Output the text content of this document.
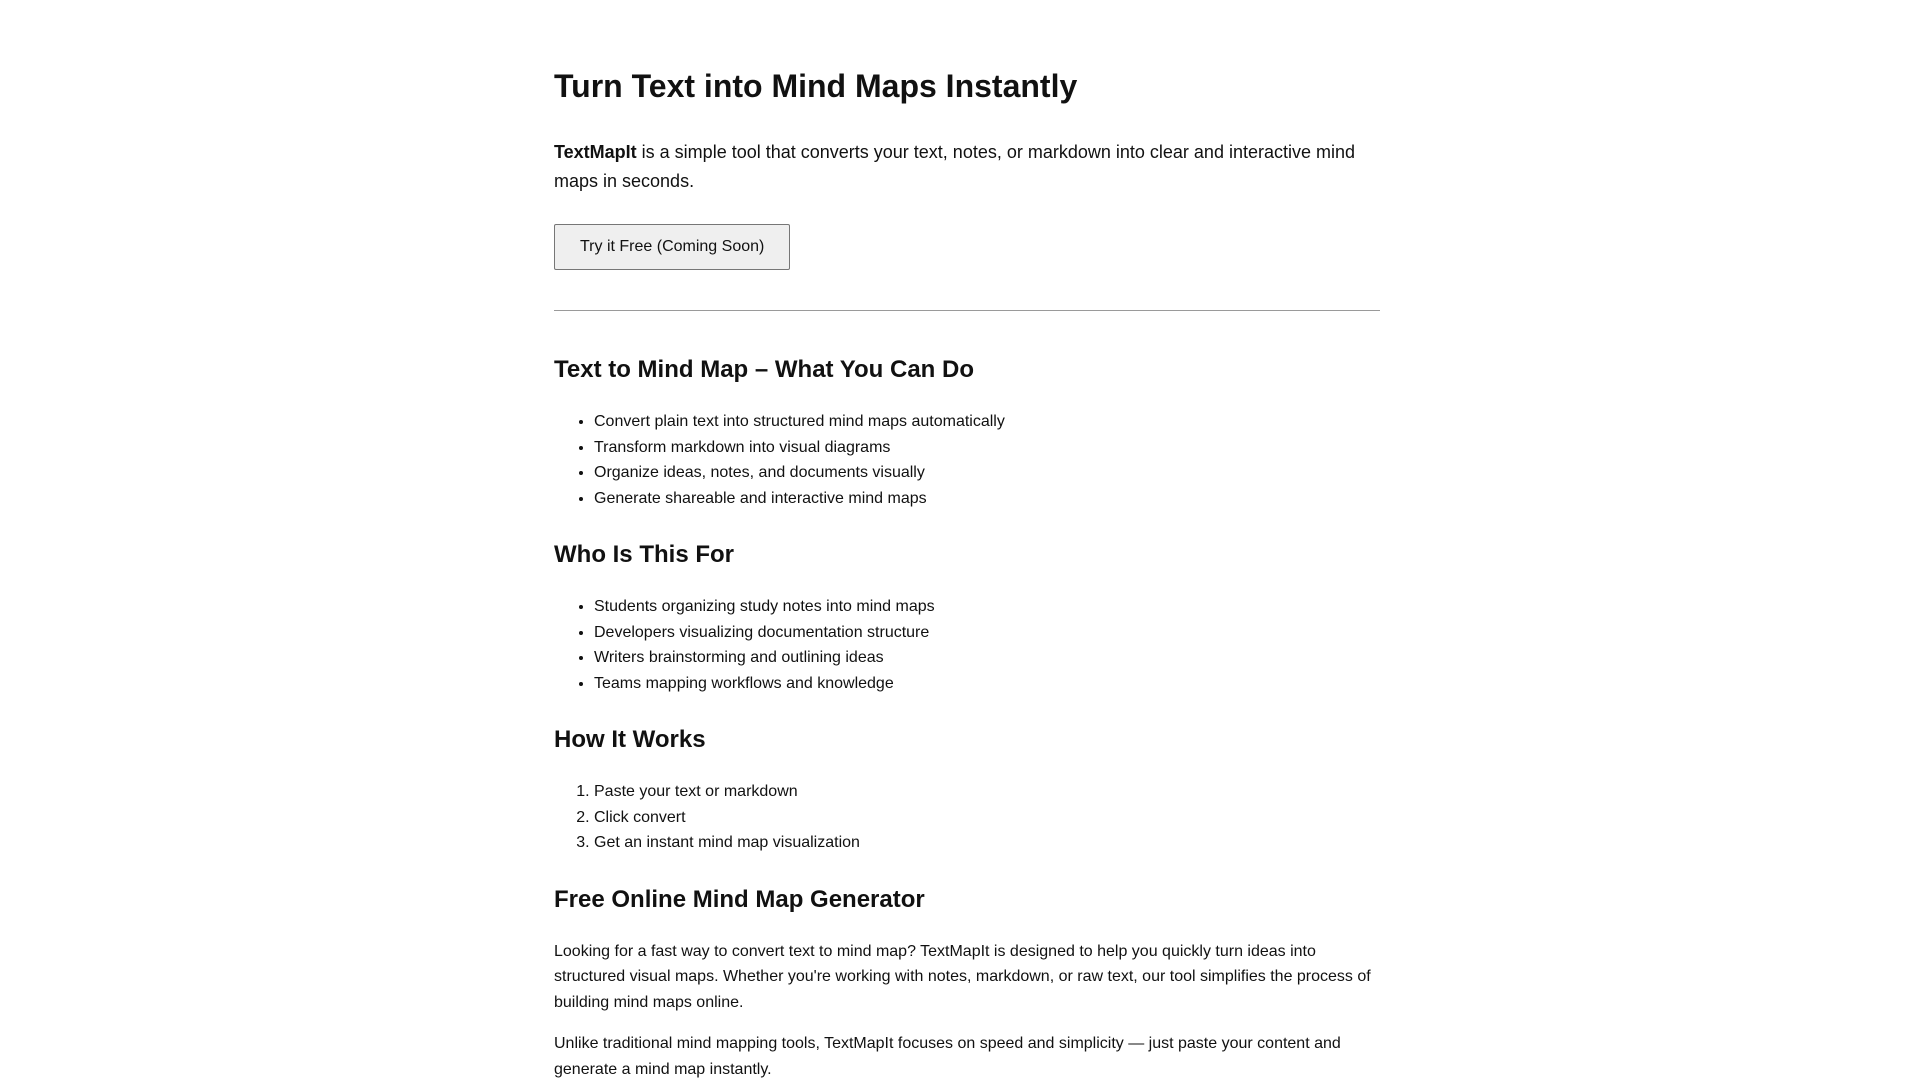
Turn Text into Mind Maps Instantly

TextMapIt is a simple tool that converts your text, notes, or markdown into clear and interactive mind maps in seconds.

Try it Free (Coming Soon)
Text to Mind Map – What You Can Do
• Convert plain text into structured mind maps automatically
• Transform markdown into visual diagrams
• Organize ideas, notes, and documents visually
• Generate shareable and interactive mind maps
Who Is This For
• Students organizing study notes into mind maps
• Developers visualizing documentation structure
• Writers brainstorming and outlining ideas
• Teams mapping workflows and knowledge
How It Works
1. Paste your text or markdown
2. Click convert
3. Get an instant mind map visualization
Free Online Mind Map Generator

Looking for a fast way to convert text to mind map? TextMapIt is designed to help you quickly turn ideas into structured visual maps. Whether you're working with notes, markdown, or raw text, our tool simplifies the process of building mind maps online.

Unlike traditional mind mapping tools, TextMapIt focuses on speed and simplicity — just paste your content and generate a mind map instantly.
